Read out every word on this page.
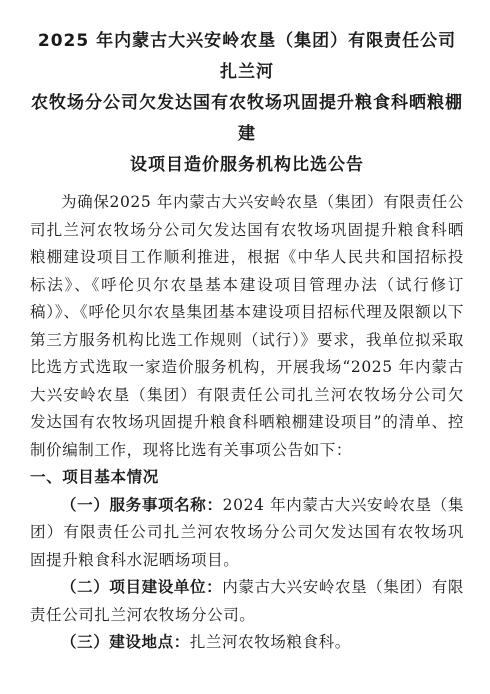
2025 年内蒙古大兴安岭农垦（集团）有限责任公司扎兰河
农牧场分公司欠发达国有农牧场巩固提升粮食科晒粮棚建
设项目造价服务机构比选公告

为确保2025 年内蒙古大兴安岭农垦（集团）有限责任公司扎兰河农牧场分公司欠发达国有农牧场巩固提升粮食科晒粮棚建设项目工作顺利推进，根据《中华人民共和国招标投标法》、《呼伦贝尔农垦基本建设项目管理办法（试行修订稿）》、《呼伦贝尔农垦集团基本建设项目招标代理及限额以下第三方服务机构比选工作规则（试行）》要求，我单位拟采取比选方式选取一家造价服务机构，开展我场“2025 年内蒙古大兴安岭农垦（集团）有限责任公司扎兰河农牧场分公司欠发达国有农牧场巩固提升粮食科晒粮棚建设项目”的清单、控制价编制工作，现将比选有关事项公告如下：

一、项目基本情况

（一）服务事项名称：2024 年内蒙古大兴安岭农垦（集团）有限责任公司扎兰河农牧场分公司欠发达国有农牧场巩固提升粮食科水泥晒场项目。

（二）项目建设单位：内蒙古大兴安岭农垦（集团）有限责任公司扎兰河农牧场分公司。

（三）建设地点：扎兰河农牧场粮食科。
